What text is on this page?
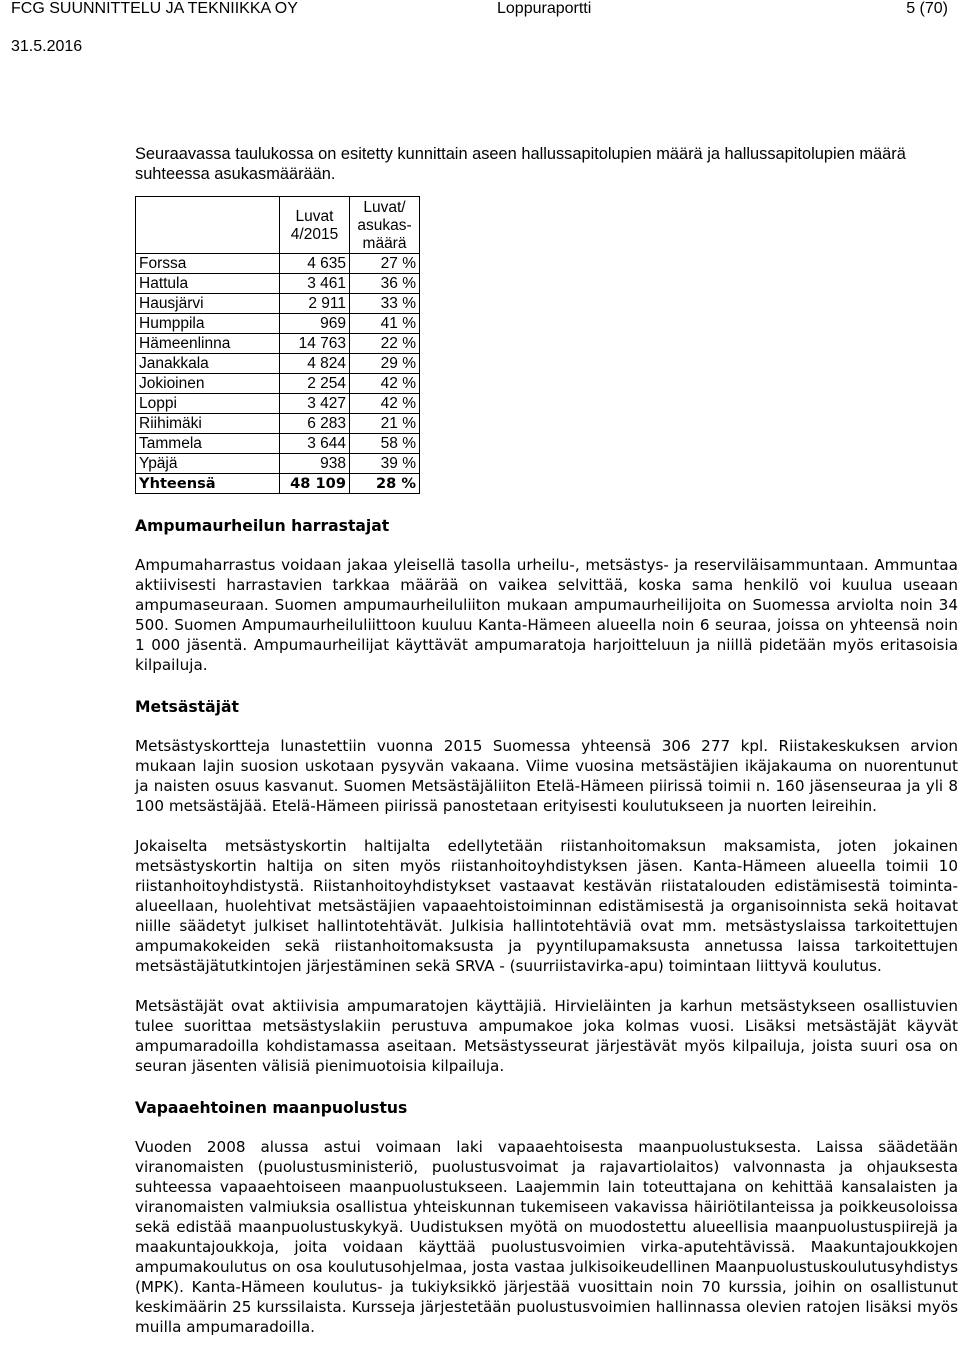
FCG SUUNNITTELU JA TEKNIIKKA OY	Loppuraportti	5 (70)
31.5.2016

Seuraavassa taulukossa on esitetty kunnittain aseen hallussapitolupien määrä ja hallussapitolupien määrä suhteessa asukasmäärään.

	Luvat 4/2015	Luvat/ asukas-määrä
Forssa	4 635	27 %
Hattula	3 461	36 %
Hausjärvi	2 911	33 %
Humppila	969	41 %
Hämeenlinna	14 763	22 %
Janakkala	4 824	29 %
Jokioinen	2 254	42 %
Loppi	3 427	42 %
Riihimäki	6 283	21 %
Tammela	3 644	58 %
Ypäjä	938	39 %
Yhteensä	48 109	28 %
Ampumaurheilun harrastajat

Ampumaharrastus voidaan jakaa yleisellä tasolla urheilu-, metsästys- ja reserviläisammuntaan. Ammuntaa aktiivisesti harrastavien tarkkaa määrää on vaikea selvittää, koska sama henkilö voi kuulua useaan ampumaseuraan. Suomen ampumaurheiluliiton mukaan ampumaurheilijoita on Suomessa arviolta noin 34 500. Suomen Ampumaurheiluliittoon kuuluu Kanta-Hämeen alueella noin 6 seuraa, joissa on yhteensä noin 1 000 jäsentä. Ampumaurheilijat käyttävät ampumaratoja harjoitteluun ja niillä pidetään myös eritasoisia kilpailuja.

Metsästäjät

Metsästyskortteja lunastettiin vuonna 2015 Suomessa yhteensä 306 277 kpl. Riistakeskuksen arvion mukaan lajin suosion uskotaan pysyvän vakaana. Viime vuosina metsästäjien ikäjakauma on nuorentunut ja naisten osuus kasvanut. Suomen Metsästäjäliiton Etelä-Hämeen piirissä toimii n. 160 jäsenseuraa ja yli 8 100 metsästäjää. Etelä-Hämeen piirissä panostetaan erityisesti koulutukseen ja nuorten leireihin.

Jokaiselta metsästyskortin haltijalta edellytetään riistanhoitomaksun maksamista, joten jokainen metsästyskortin haltija on siten myös riistanhoitoyhdistyksen jäsen. Kanta-Hämeen alueella toimii 10 riistanhoitoyhdistystä. Riistanhoitoyhdistykset vastaavat kestävän riistatalouden edistämisestä toiminta-alueellaan, huolehtivat metsästäjien vapaaehtoistoiminnan edistämisestä ja organisoinnista sekä hoitavat niille säädetyt julkiset hallintotehtävät. Julkisia hallintotehtäviä ovat mm. metsästyslaissa tarkoitettujen ampumakokeiden sekä riistanhoitomaksusta ja pyyntilupamaksusta annetussa laissa tarkoitettujen metsästäjätutkintojen järjestäminen sekä SRVA - (suurriistavirka-apu) toimintaan liittyvä koulutus.

Metsästäjät ovat aktiivisia ampumaratojen käyttäjiä. Hirvieläinten ja karhun metsästykseen osallistuvien tulee suorittaa metsästyslakiin perustuva ampumakoe joka kolmas vuosi. Lisäksi metsästäjät käyvät ampumaradoilla kohdistamassa aseitaan. Metsästysseurat järjestävät myös kilpailuja, joista suuri osa on seuran jäsenten välisiä pienimuotoisia kilpailuja.

Vapaaehtoinen maanpuolustus

Vuoden 2008 alussa astui voimaan laki vapaaehtoisesta maanpuolustuksesta. Laissa säädetään viranomaisten (puolustusministeriö, puolustusvoimat ja rajavartiolaitos) valvonnasta ja ohjauksesta suhteessa vapaaehtoiseen maanpuolustukseen. Laajemmin lain toteuttajana on kehittää kansalaisten ja viranomaisten valmiuksia osallistua yhteiskunnan tukemiseen vakavissa häiriötilanteissa ja poikkeusoloissa sekä edistää maanpuolustuskykyä. Uudistuksen myötä on muodostettu alueellisia maanpuolustuspiirejä ja maakuntajoukkoja, joita voidaan käyttää puolustusvoimien virka-aputehtävissä. Maakuntajoukkojen ampumakoulutus on osa koulutusohjelmaa, josta vastaa julkisoikeudellinen Maanpuolustuskoulutusyhdistys (MPK). Kanta-Hämeen koulutus- ja tukiyksikkö järjestää vuosittain noin 70 kurssia, joihin on osallistunut keskimäärin 25 kurssilaista. Kursseja järjestetään puolustusvoimien hallinnassa olevien ratojen lisäksi myös muilla ampumaradoilla.
